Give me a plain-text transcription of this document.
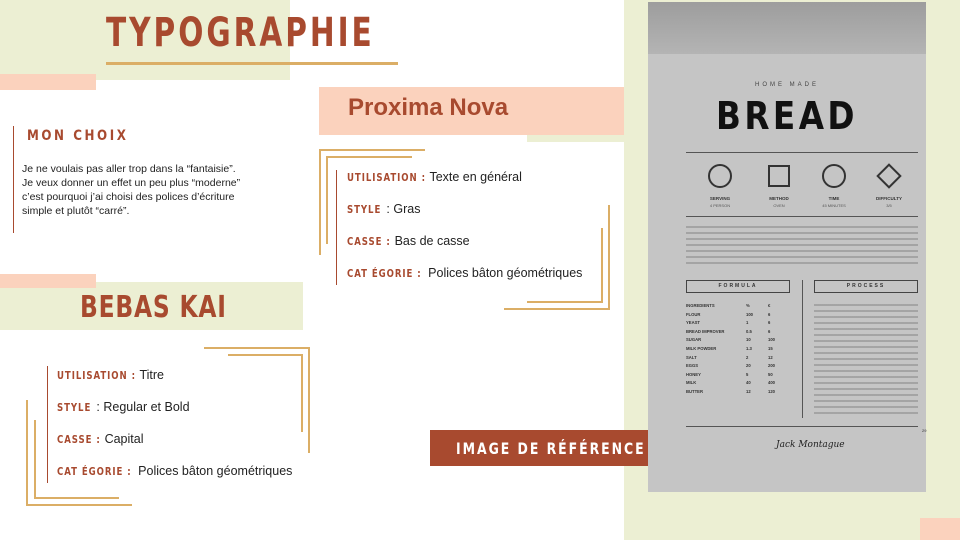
TYPOGRAPHIE
MON CHOIX
Je ne voulais pas aller trop dans la “fantaisie”.
Je veux donner un effet un peu plus “moderne”
c’est pourquoi j’ai choisi des polices d’écriture
simple et plutôt “carré”.
Proxima Nova
UTILISATION : Texte en général
STYLE : Gras
CASSE : Bas de casse
CAT ÉGORIE : Polices bâton géométriques
BEBAS KAI
UTILISATION : Titre
STYLE : Regular et Bold
CASSE : Capital
CAT ÉGORIE : Polices bâton géométriques
IMAGE DE RÉFÉRENCE
HOME MADE
BREAD
SERVING
4 PERSON
METHOD
OVEN
TIME
45 MINUTES
DIFFICULTY
3/5
FORMULA	PROCESS
INGREDIENTS	%	€
FLOUR	100	6
YEAST	1	6
BREAD IMPROVER	0.5	6
SUGAR	10	100
MILK POWDER	1.3	15
SALT	2	12
EGGS	20	200
HONEY	5	50
MILK	40	400
BUTTER	12	120
Jack Montague
29
